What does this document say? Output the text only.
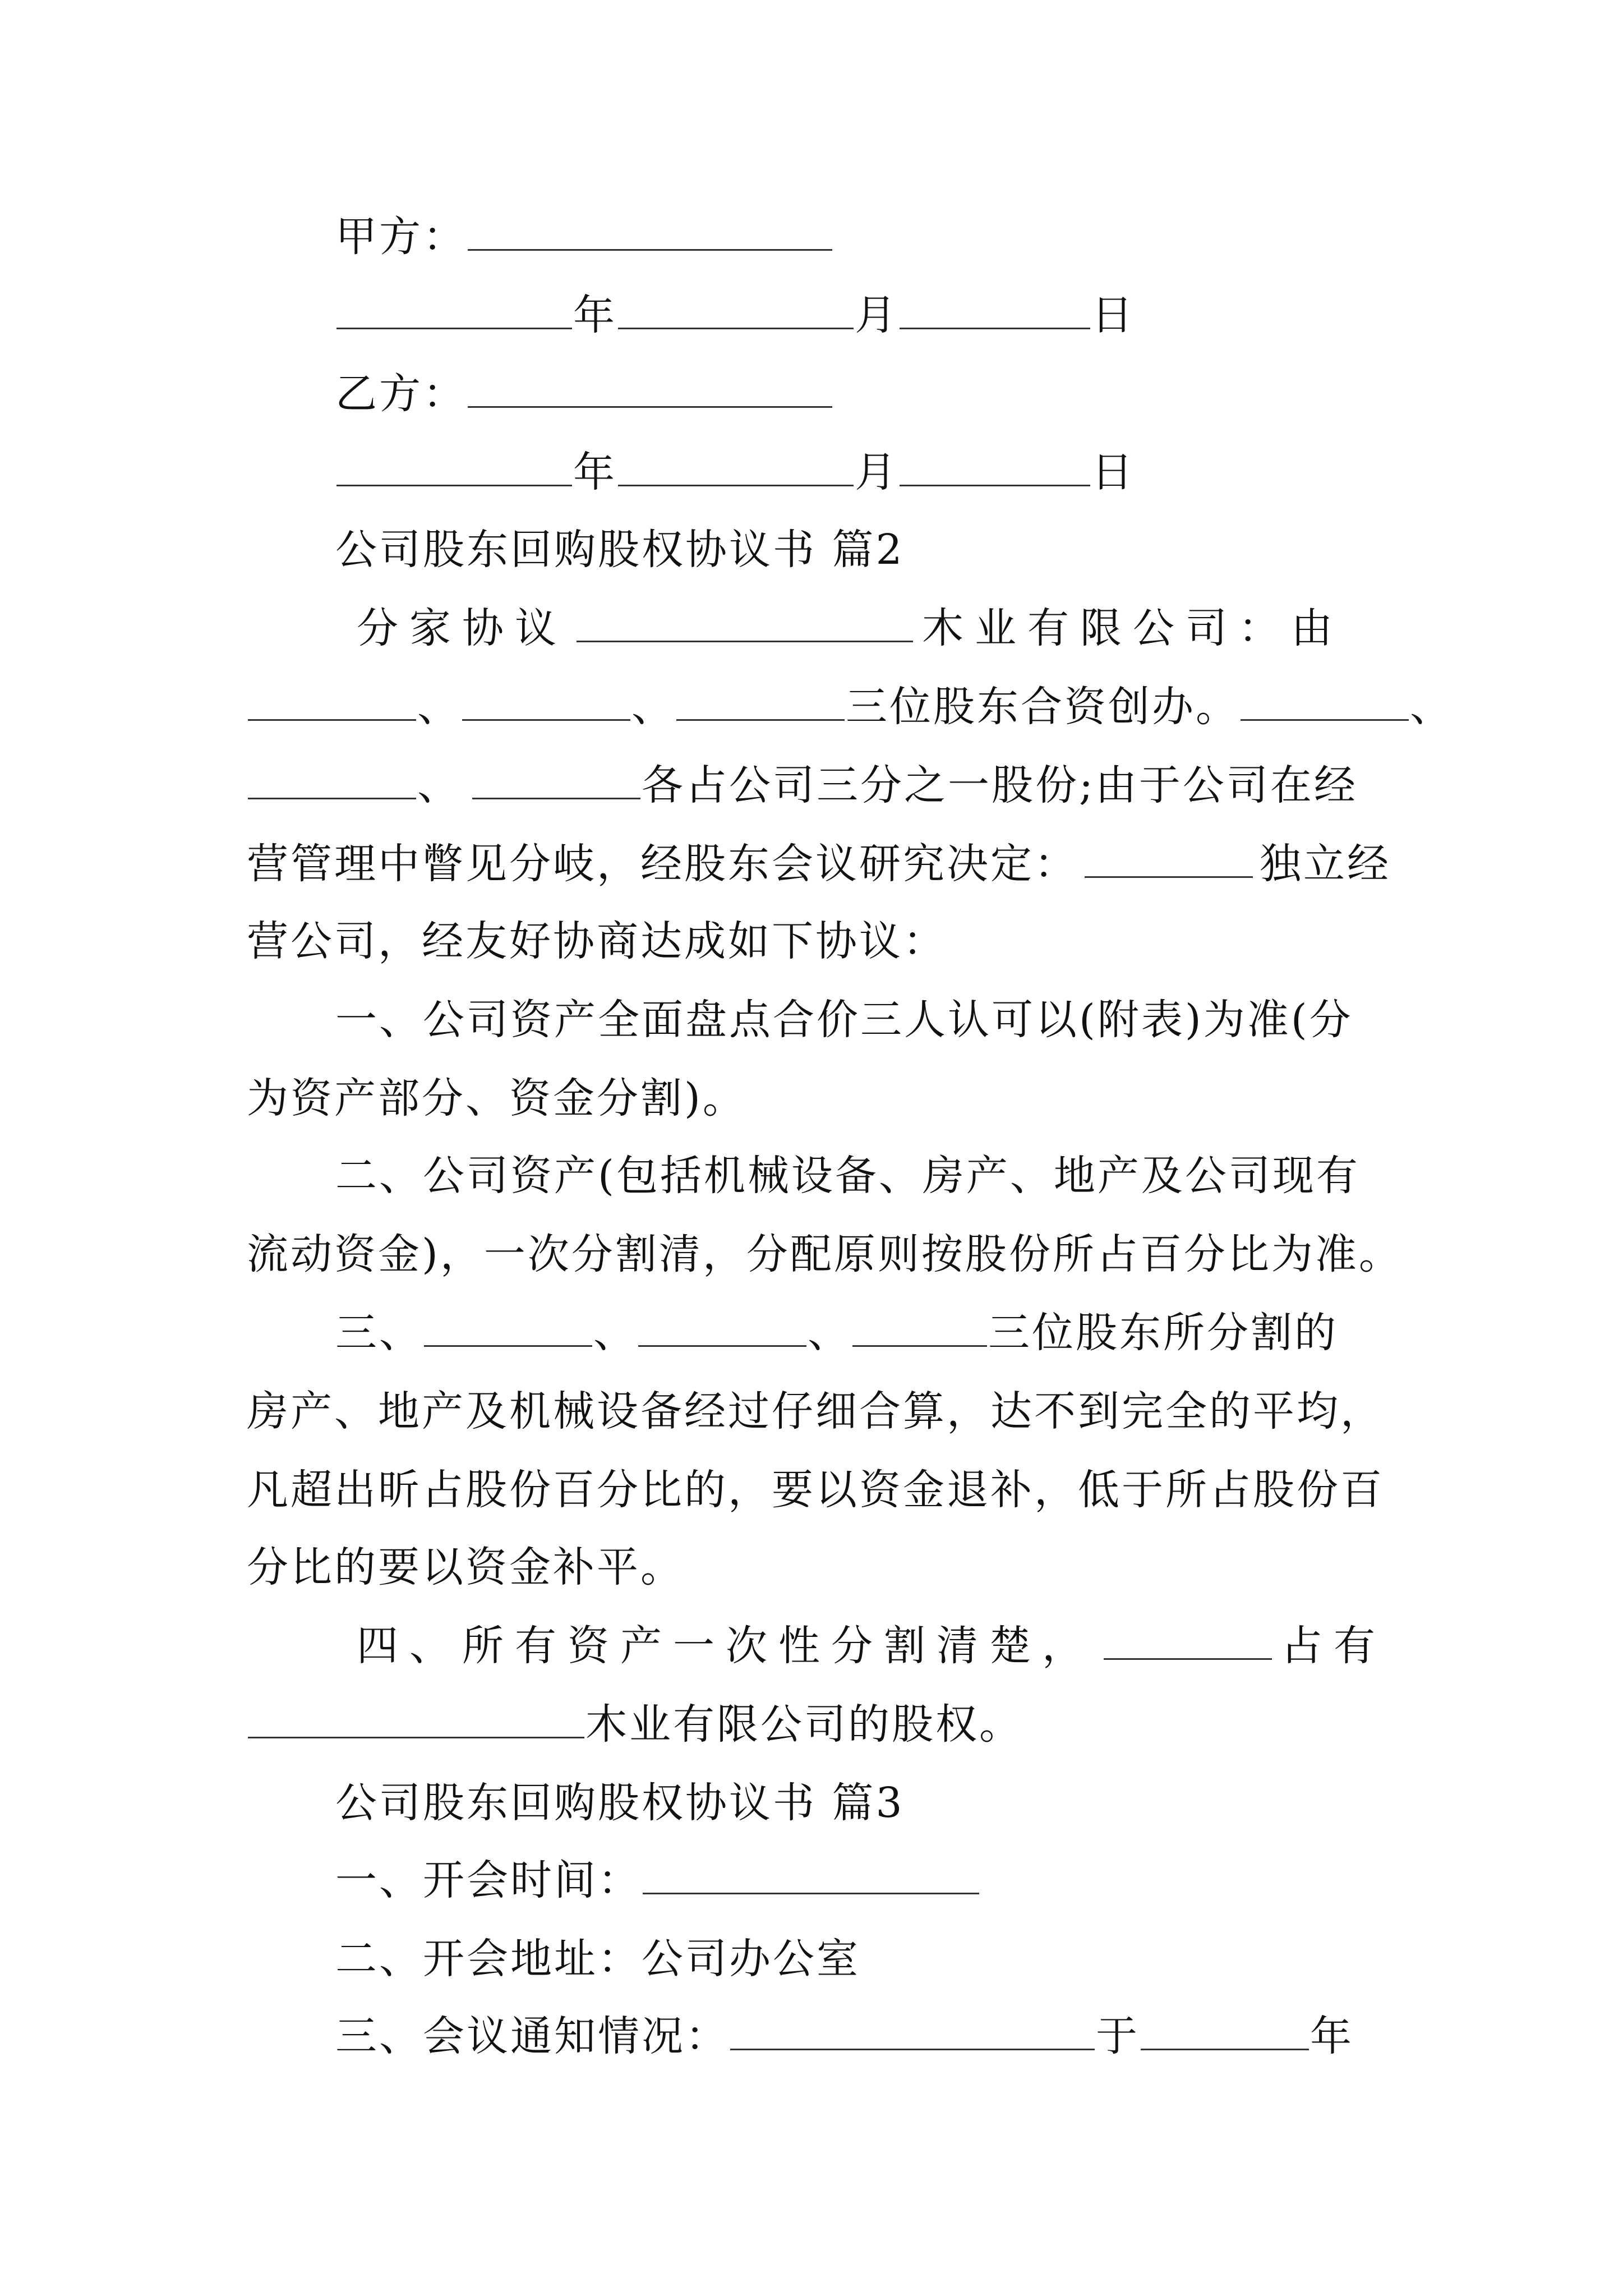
甲方：
年	月	日
乙方：
年	月	日
公司股东回购股权协议书 篇2
分家协议	木业有限公司：由
、	、	三位股东合资创办。	、
、	各占公司三分之一股份;由于公司在经
营管理中瞥见分岐，经股东会议研究决定：	独立经
营公司，经友好协商达成如下协议：
一、公司资产全面盘点合价三人认可以(附表)为准(分
为资产部分、资金分割)。
二、公司资产(包括机械设备、房产、地产及公司现有
流动资金)，一次分割清，分配原则按股份所占百分比为准。
三、	、	、	三位股东所分割的
房产、地产及机械设备经过仔细合算，达不到完全的平均，
凡超出昕占股份百分比的，要以资金退补，低于所占股份百
分比的要以资金补平。
四、所有资产一次性分割清楚，	占有
木业有限公司的股权。
公司股东回购股权协议书 篇3
一、开会时间：
二、开会地址：公司办公室
三、会议通知情况：	于	年
